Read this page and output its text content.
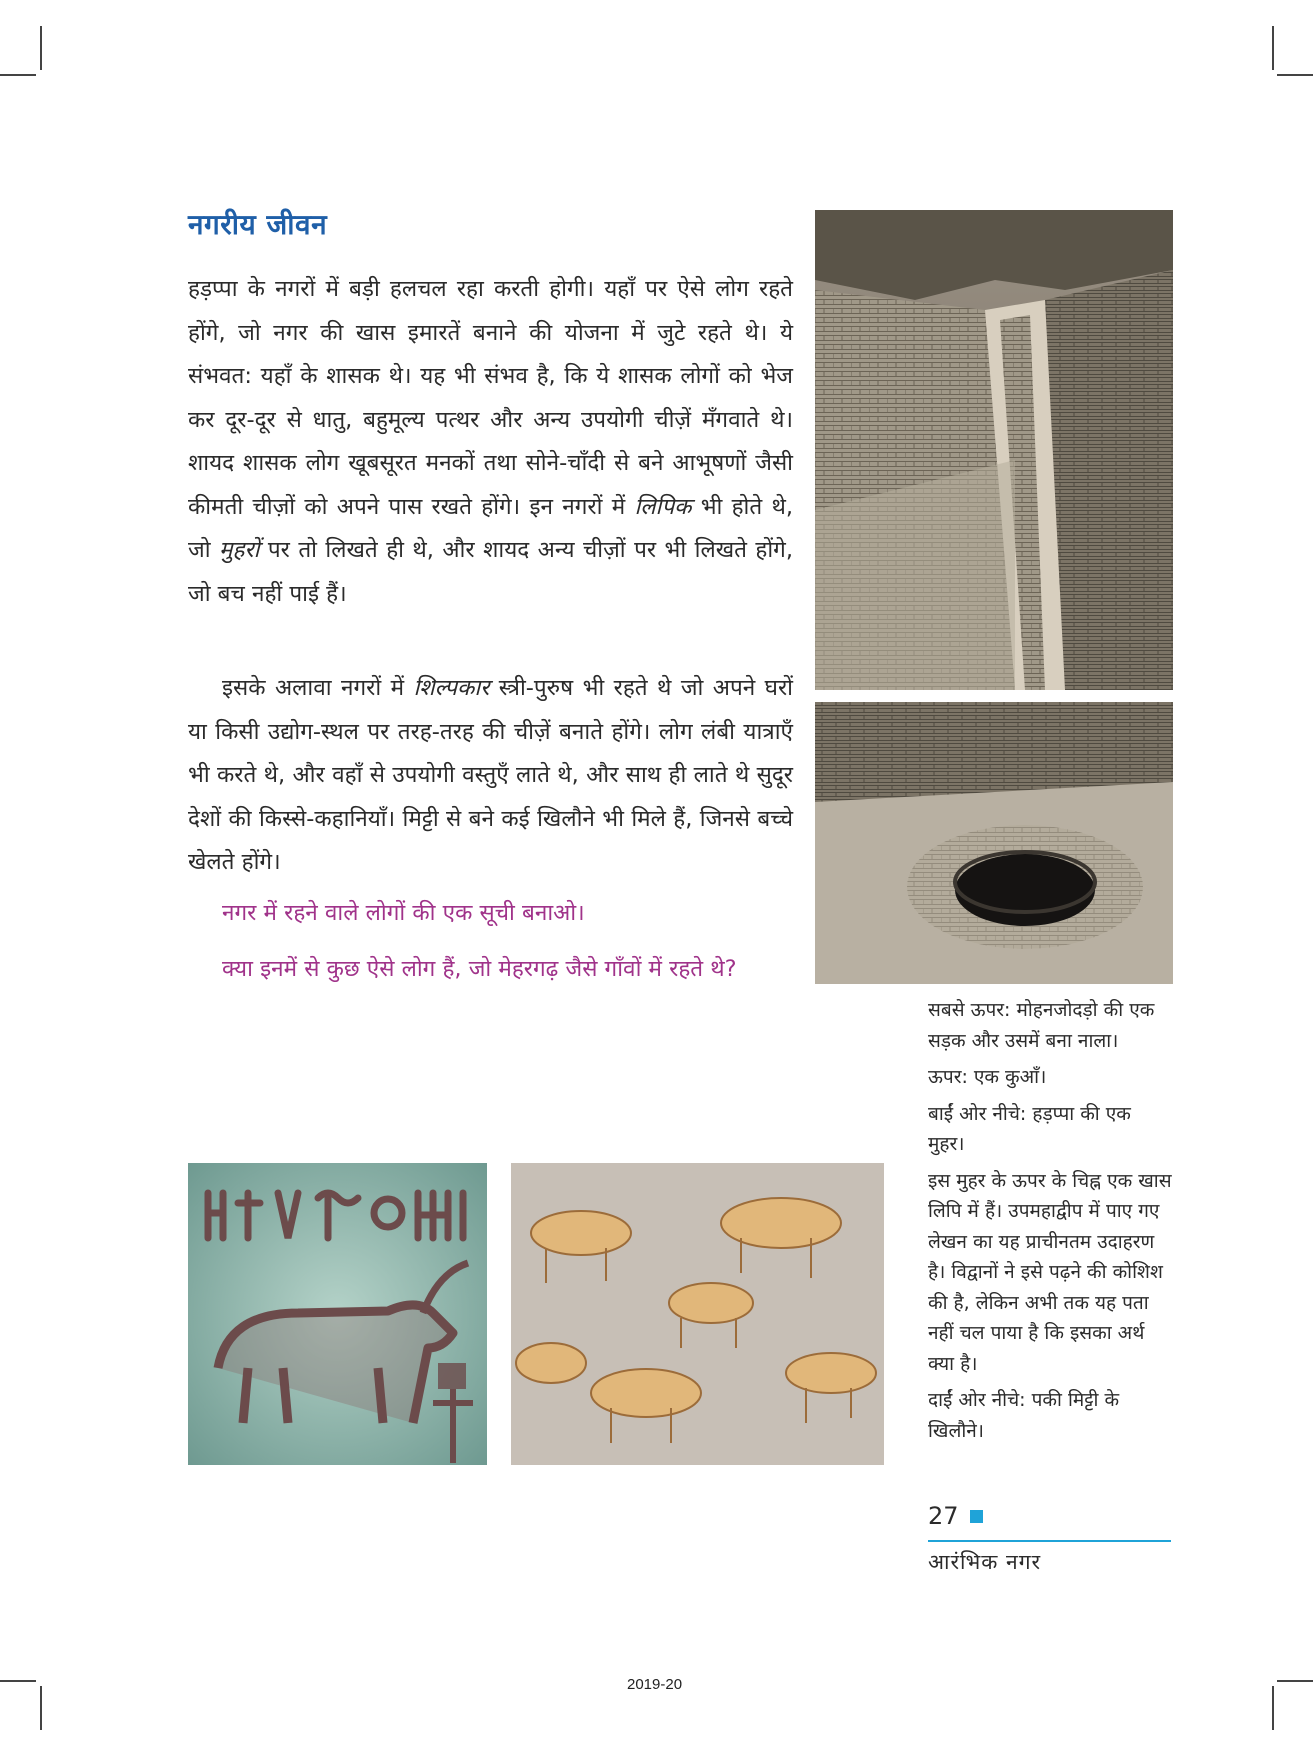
नगरीय जीवन

हड़प्पा के नगरों में बड़ी हलचल रहा करती होगी। यहाँ पर ऐसे लोग रहते होंगे, जो नगर की खास इमारतें बनाने की योजना में जुटे रहते थे। ये संभवत: यहाँ के शासक थे। यह भी संभव है, कि ये शासक लोगों को भेज कर दूर-दूर से धातु, बहुमूल्य पत्थर और अन्य उपयोगी चीज़ें मँगवाते थे। शायद शासक लोग खूबसूरत मनकों तथा सोने-चाँदी से बने आभूषणों जैसी कीमती चीज़ों को अपने पास रखते होंगे। इन नगरों में लिपिक भी होते थे, जो मुहरों पर तो लिखते ही थे, और शायद अन्य चीज़ों पर भी लिखते होंगे, जो बच नहीं पाई हैं।

इसके अलावा नगरों में शिल्पकार स्त्री-पुरुष भी रहते थे जो अपने घरों या किसी उद्योग-स्थल पर तरह-तरह की चीज़ें बनाते होंगे। लोग लंबी यात्राएँ भी करते थे, और वहाँ से उपयोगी वस्तुएँ लाते थे, और साथ ही लाते थे सुदूर देशों की किस्से-कहानियाँ। मिट्टी से बने कई खिलौने भी मिले हैं, जिनसे बच्चे खेलते होंगे।

नगर में रहने वाले लोगों की एक सूची बनाओ।

क्या इनमें से कुछ ऐसे लोग हैं, जो मेहरगढ़ जैसे गाँवों में रहते थे?

सबसे ऊपर: मोहनजोदड़ो की एक सड़क और उसमें बना नाला।

ऊपर: एक कुआँ।

बाईं ओर नीचे: हड़प्पा की एक मुहर।

इस मुहर के ऊपर के चिह्न एक खास लिपि में हैं। उपमहाद्वीप में पाए गए लेखन का यह प्राचीनतम उदाहरण है। विद्वानों ने इसे पढ़ने की कोशिश की है, लेकिन अभी तक यह पता नहीं चल पाया है कि इसका अर्थ क्या है।

दाईं ओर नीचे: पकी मिट्टी के खिलौने।

27
आरंभिक नगर
2019-20
